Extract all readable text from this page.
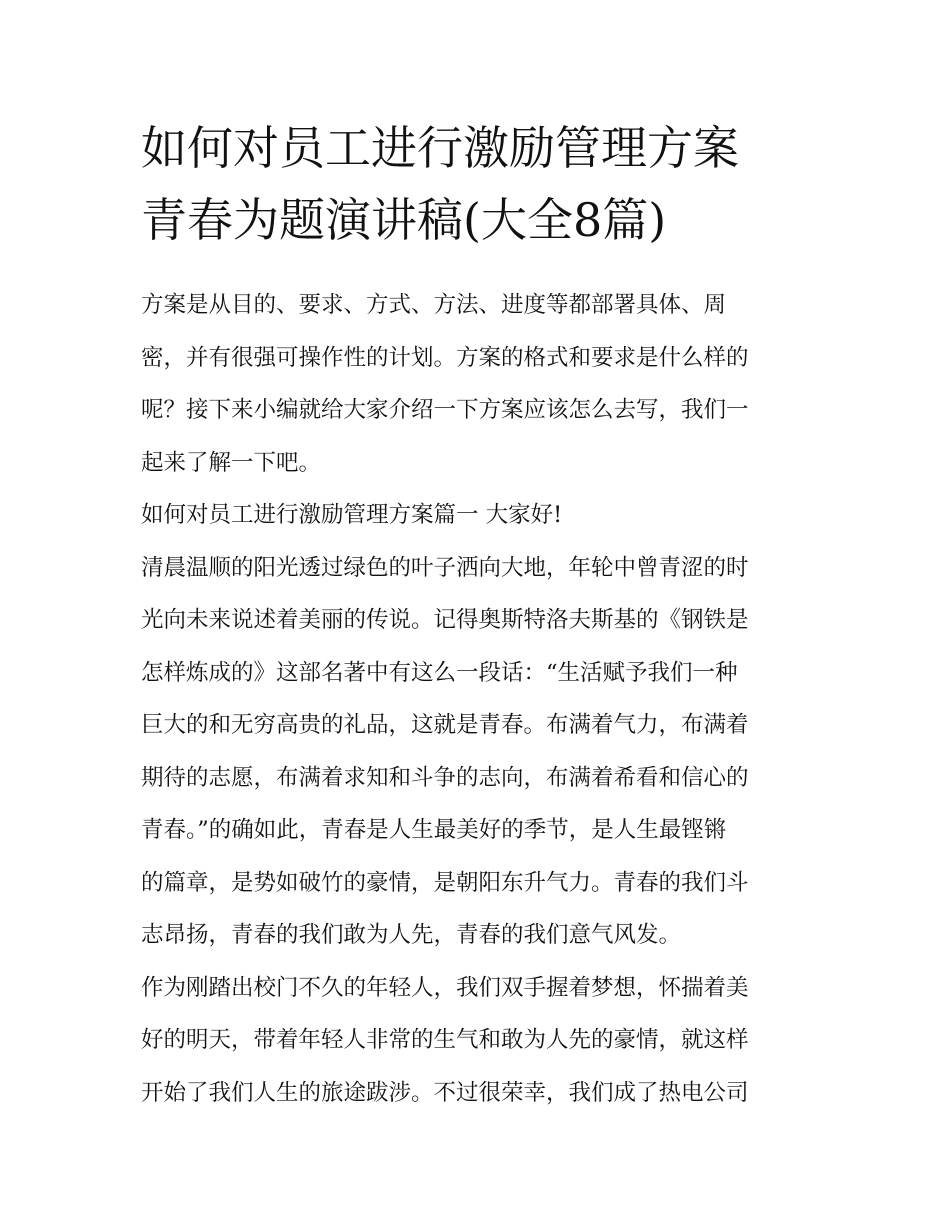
如何对员工进行激励管理方案
青春为题演讲稿(大全8篇)

方案是从目的、要求、方式、方法、进度等都部署具体、周
密，并有很强可操作性的计划。方案的格式和要求是什么样的
呢？接下来小编就给大家介绍一下方案应该怎么去写，我们一
起来了解一下吧。

如何对员工进行激励管理方案篇一 大家好!

清晨温顺的阳光透过绿色的叶子洒向大地，年轮中曾青涩的时
光向未来说述着美丽的传说。记得奥斯特洛夫斯基的《钢铁是
怎样炼成的》这部名著中有这么一段话：“生活赋予我们一种
巨大的和无穷高贵的礼品，这就是青春。布满着气力，布满着
期待的志愿，布满着求知和斗争的志向，布满着希看和信心的
青春。”的确如此，青春是人生最美好的季节，是人生最铿锵
的篇章，是势如破竹的豪情，是朝阳东升气力。青春的我们斗
志昂扬，青春的我们敢为人先，青春的我们意气风发。

作为刚踏出校门不久的年轻人，我们双手握着梦想，怀揣着美
好的明天，带着年轻人非常的生气和敢为人先的豪情，就这样
开始了我们人生的旅途跋涉。不过很荣幸，我们成了热电公司
